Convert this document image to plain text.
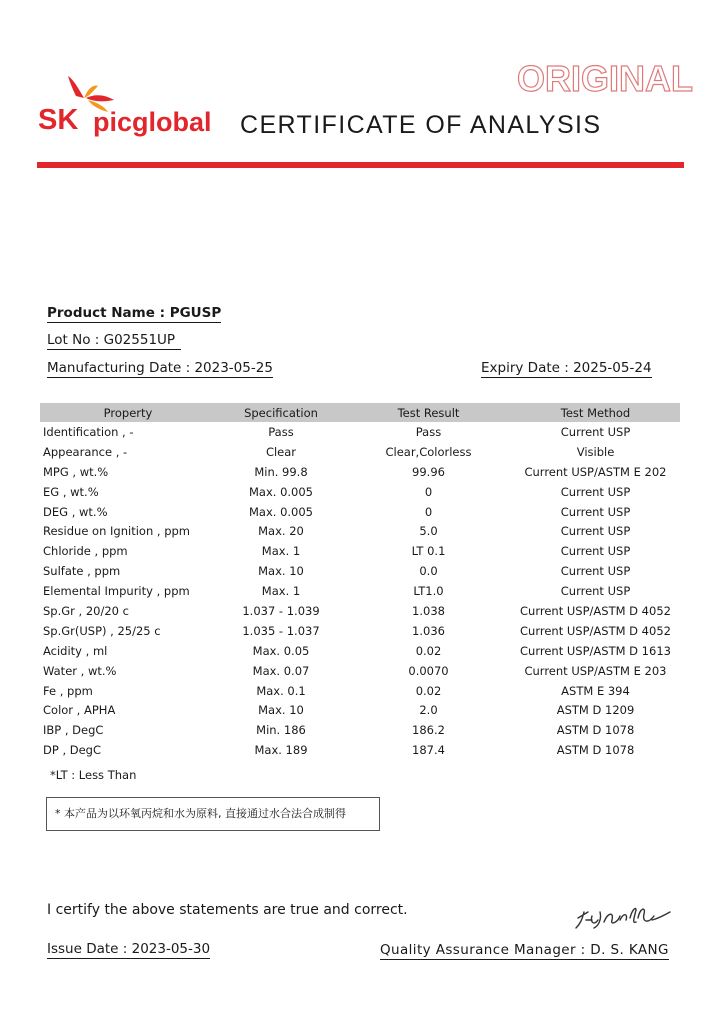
ORIGINAL
SK picglobal CERTIFICATE OF ANALYSIS
Product Name : PGUSP
Lot No : G02551UP
Manufacturing Date : 2023-05-25	Expiry Date : 2025-05-24
Property	Specification	Test Result	Test Method
Identification , -	Pass	Pass	Current USP
Appearance , -	Clear	Clear,Colorless	Visible
MPG , wt.%	Min. 99.8	99.96	Current USP/ASTM E 202
EG , wt.%	Max. 0.005	0	Current USP
DEG , wt.%	Max. 0.005	0	Current USP
Residue on Ignition , ppm	Max. 20	5.0	Current USP
Chloride , ppm	Max. 1	LT 0.1	Current USP
Sulfate , ppm	Max. 10	0.0	Current USP
Elemental Impurity , ppm	Max. 1	LT1.0	Current USP
Sp.Gr , 20/20 c	1.037 - 1.039	1.038	Current USP/ASTM D 4052
Sp.Gr(USP) , 25/25 c	1.035 - 1.037	1.036	Current USP/ASTM D 4052
Acidity , ml	Max. 0.05	0.02	Current USP/ASTM D 1613
Water , wt.%	Max. 0.07	0.0070	Current USP/ASTM E 203
Fe , ppm	Max. 0.1	0.02	ASTM E 394
Color , APHA	Max. 10	2.0	ASTM D 1209
IBP , DegC	Min. 186	186.2	ASTM D 1078
DP , DegC	Max. 189	187.4	ASTM D 1078
*LT : Less Than
* 本产品为以环氧丙烷和水为原料, 直接通过水合法合成制得
I certify the above statements are true and correct.
Issue Date : 2023-05-30	Quality Assurance Manager : D. S. KANG
